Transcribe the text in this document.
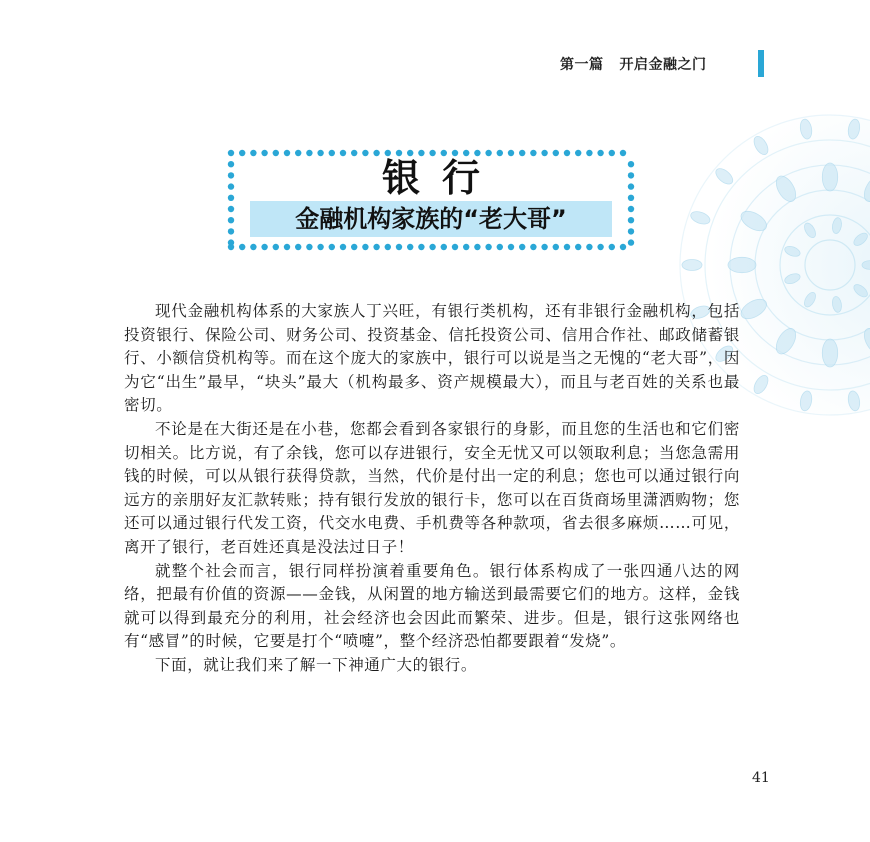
第一篇 开启金融之门
银行
金融机构家族的“老大哥”

现代金融机构体系的大家族人丁兴旺，有银行类机构，还有非银行金融机构，包括投资银行、保险公司、财务公司、投资基金、信托投资公司、信用合作社、邮政储蓄银行、小额信贷机构等。而在这个庞大的家族中，银行可以说是当之无愧的“老大哥”，因为它“出生”最早，“块头”最大（机构最多、资产规模最大），而且与老百姓的关系也最密切。

不论是在大街还是在小巷，您都会看到各家银行的身影，而且您的生活也和它们密切相关。比方说，有了余钱，您可以存进银行，安全无忧又可以领取利息；当您急需用钱的时候，可以从银行获得贷款，当然，代价是付出一定的利息；您也可以通过银行向远方的亲朋好友汇款转账；持有银行发放的银行卡，您可以在百货商场里潇洒购物；您还可以通过银行代发工资，代交水电费、手机费等各种款项，省去很多麻烦……可见，离开了银行，老百姓还真是没法过日子！

就整个社会而言，银行同样扮演着重要角色。银行体系构成了一张四通八达的网络，把最有价值的资源——金钱，从闲置的地方输送到最需要它们的地方。这样，金钱就可以得到最充分的利用，社会经济也会因此而繁荣、进步。但是，银行这张网络也有“感冒”的时候，它要是打个“喷嚏”，整个经济恐怕都要跟着“发烧”。

下面，就让我们来了解一下神通广大的银行。

41
